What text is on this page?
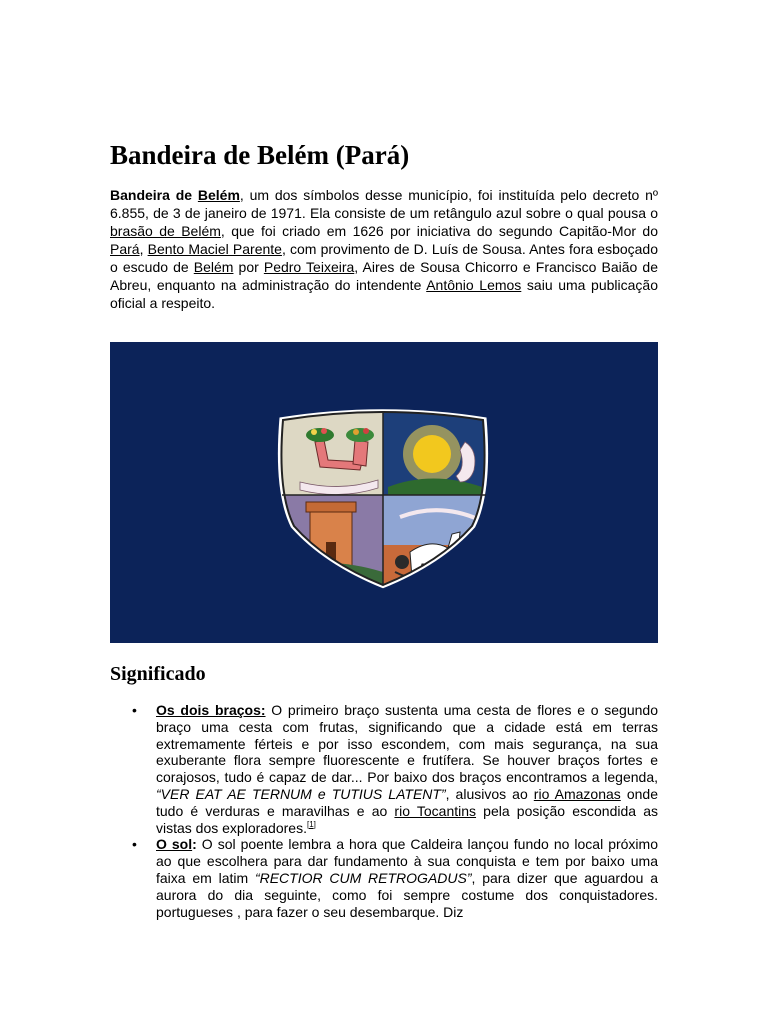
Bandeira de Belém (Pará)

Bandeira de Belém, um dos símbolos desse município, foi instituída pelo decreto nº 6.855, de 3 de janeiro de 1971. Ela consiste de um retângulo azul sobre o qual pousa o brasão de Belém, que foi criado em 1626 por iniciativa do segundo Capitão-Mor do Pará, Bento Maciel Parente, com provimento de D. Luís de Sousa. Antes fora esboçado o escudo de Belém por Pedro Teixeira, Aires de Sousa Chicorro e Francisco Baião de Abreu, enquanto na administração do intendente Antônio Lemos saiu uma publicação oficial a respeito.

Significado
• Os dois braços: O primeiro braço sustenta uma cesta de flores e o segundo braço uma cesta com frutas, significando que a cidade está em terras extremamente férteis e por isso escondem, com mais segurança, na sua exuberante flora sempre fluorescente e frutífera. Se houver braços fortes e corajosos, tudo é capaz de dar... Por baixo dos braços encontramos a legenda, “VER EAT AE TERNUM e TUTIUS LATENT”, alusivos ao rio Amazonas onde tudo é verduras e maravilhas e ao rio Tocantins pela posição escondida as vistas dos exploradores.[1]
• O sol: O sol poente lembra a hora que Caldeira lançou fundo no local próximo ao que escolhera para dar fundamento à sua conquista e tem por baixo uma faixa em latim “RECTIOR CUM RETROGADUS”, para dizer que aguardou a aurora do dia seguinte, como foi sempre costume dos conquistadores. portugueses , para fazer o seu desembarque. Diz
